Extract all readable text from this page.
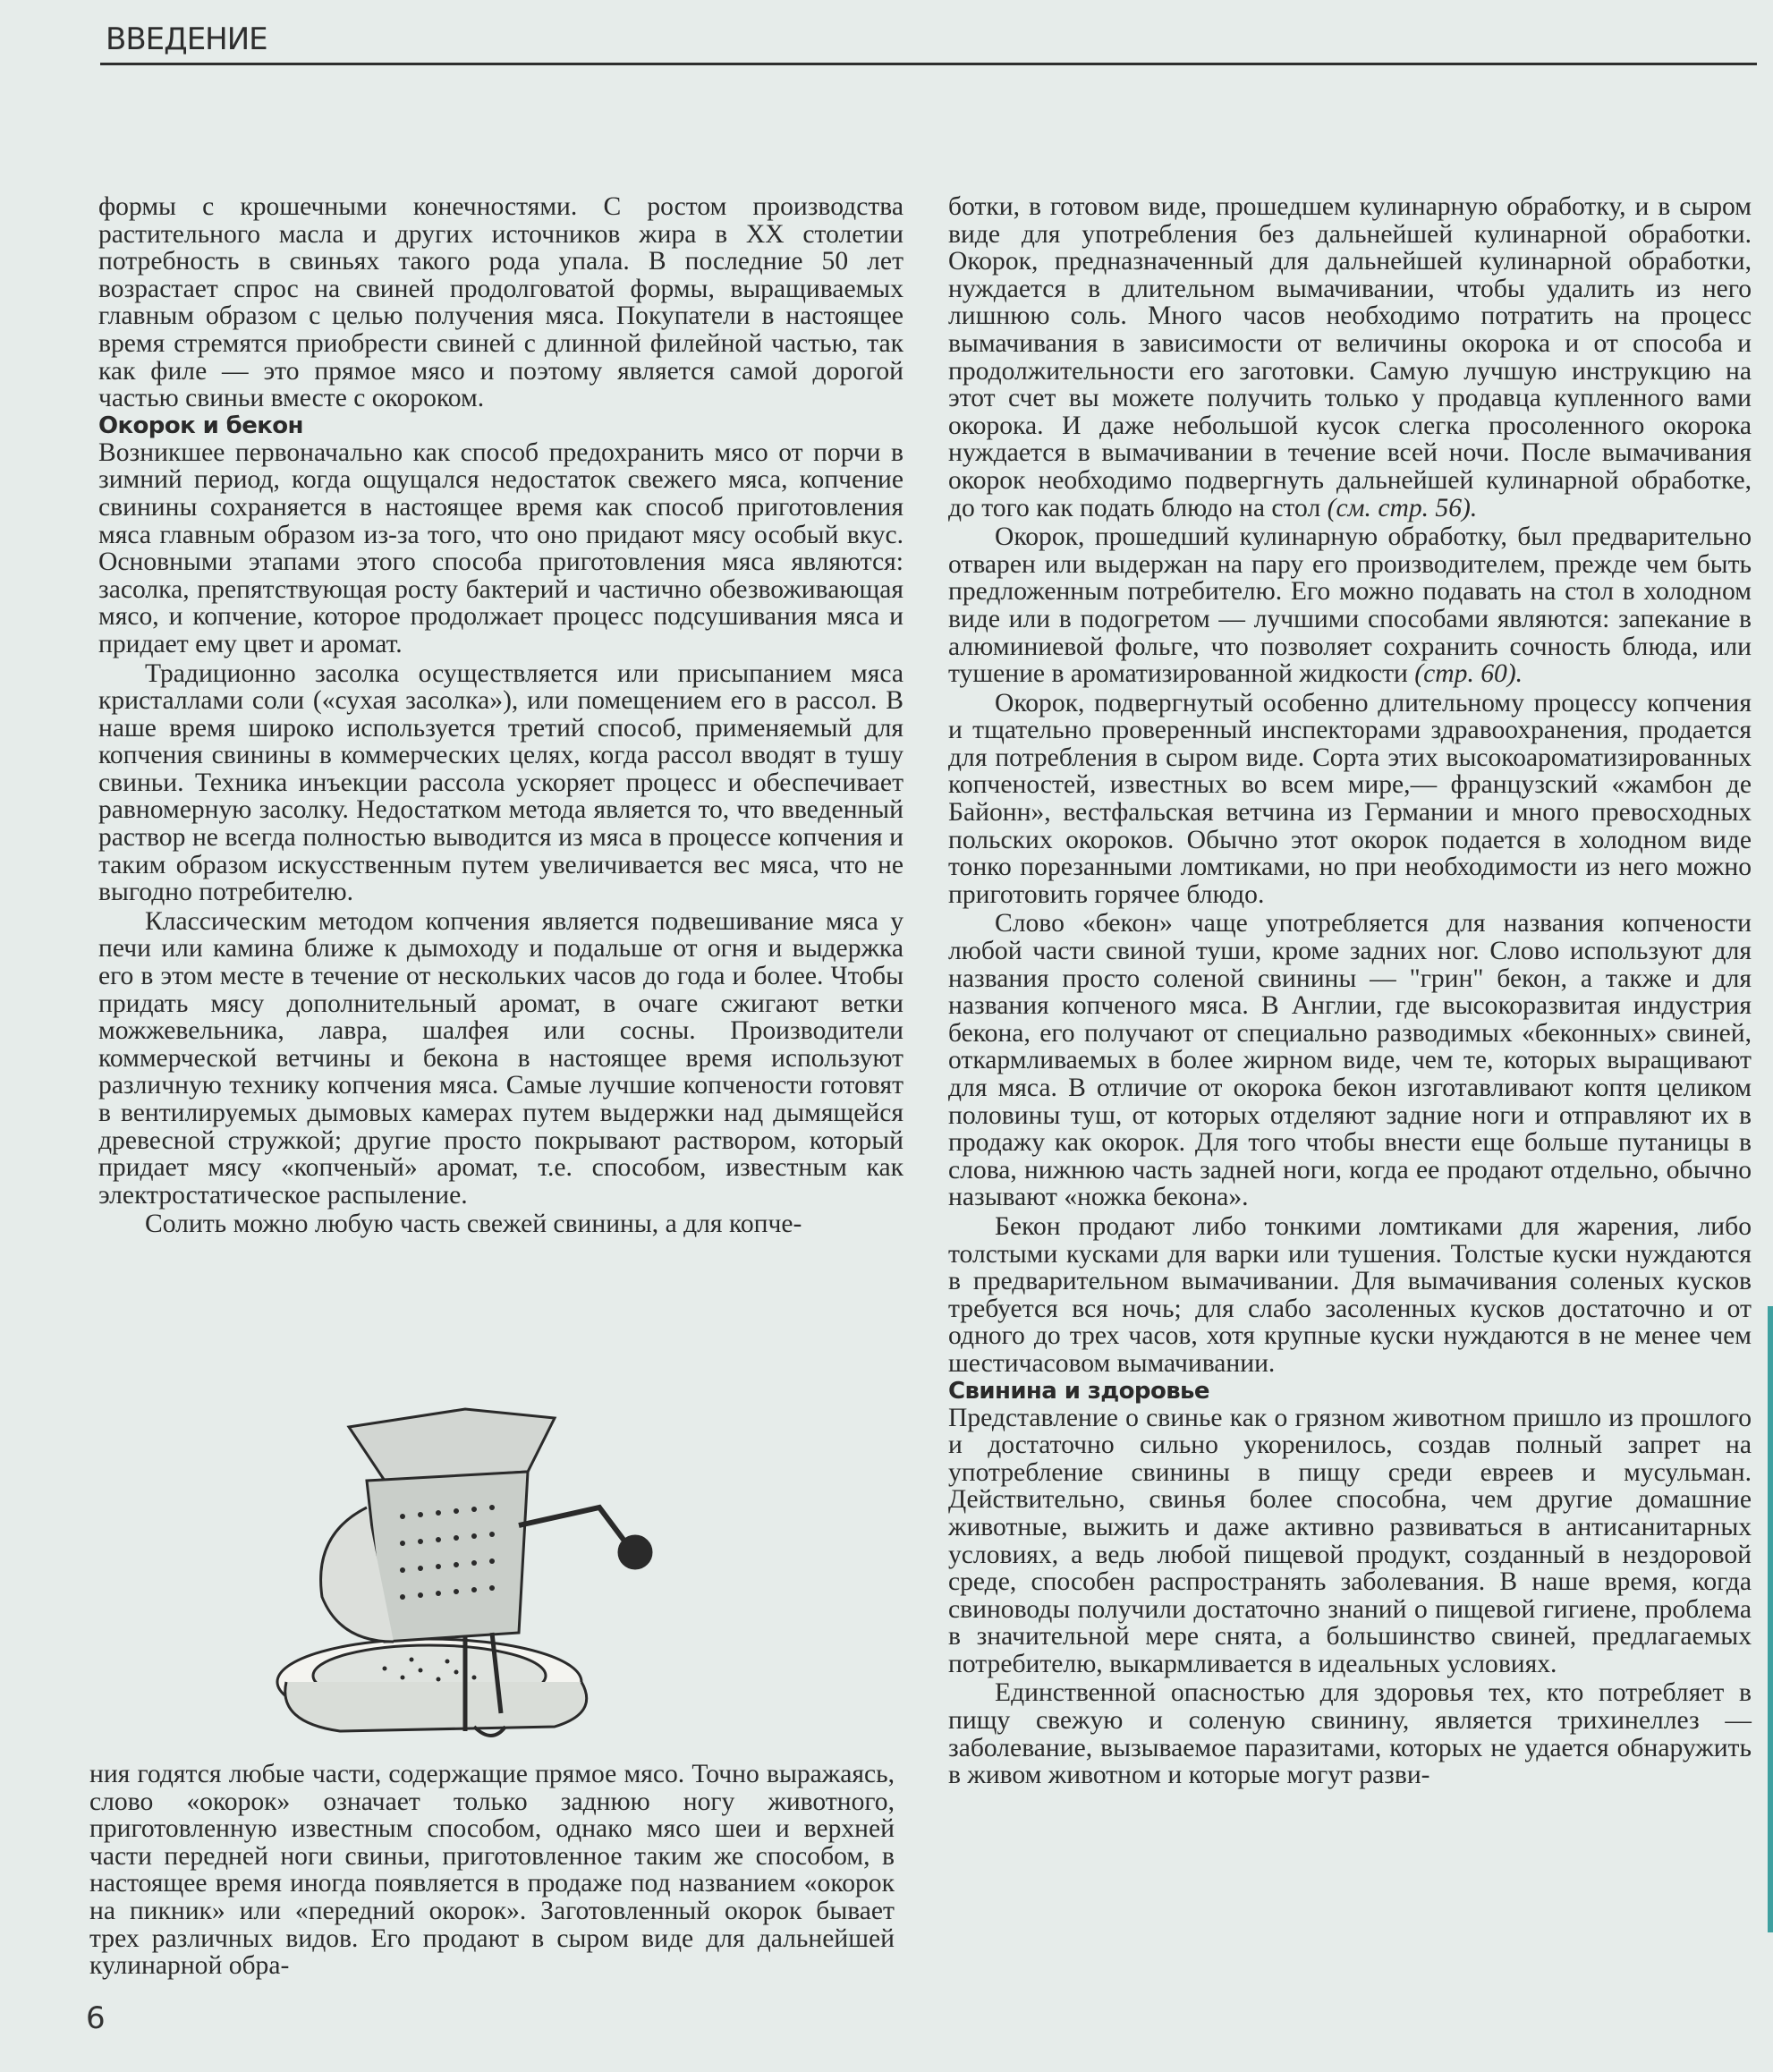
ВВЕДЕНИЕ

формы с крошечными конечностями. С ростом производства растительного масла и других источников жира в XX столетии потребность в свиньях такого рода упала. В последние 50 лет возрастает спрос на свиней продолговатой формы, выращиваемых главным образом с целью получения мяса. Покупатели в настоящее время стремятся приобрести свиней с длинной филейной частью, так как филе — это прямое мясо и поэтому является самой дорогой частью свиньи вместе с окороком.

Окорок и бекон

Возникшее первоначально как способ предохранить мясо от порчи в зимний период, когда ощущался недостаток свежего мяса, копчение свинины сохраняется в настоящее время как способ приготовления мяса главным образом из-за того, что оно придают мясу особый вкус. Основными этапами этого способа приготовления мяса являются: засолка, препятствующая росту бактерий и частично обезвоживающая мясо, и копчение, которое продолжает процесс подсушивания мяса и придает ему цвет и аромат.

Традиционно засолка осуществляется или присыпанием мяса кристаллами соли («сухая засолка»), или помещением его в рассол. В наше время широко используется третий способ, применяемый для копчения свинины в коммерческих целях, когда рассол вводят в тушу свиньи. Техника инъекции рассола ускоряет процесс и обеспечивает равномерную засолку. Недостатком метода является то, что введенный раствор не всегда полностью выводится из мяса в процессе копчения и таким образом искусственным путем увеличивается вес мяса, что не выгодно потребителю.

Классическим методом копчения является подвешивание мяса у печи или камина ближе к дымоходу и подальше от огня и выдержка его в этом месте в течение от нескольких часов до года и более. Чтобы придать мясу дополнительный аромат, в очаге сжигают ветки можжевельника, лавра, шалфея или сосны. Производители коммерческой ветчины и бекона в настоящее время используют различную технику копчения мяса. Самые лучшие копчености готовят в вентилируемых дымовых камерах путем выдержки над дымящейся древесной стружкой; другие просто покрывают раствором, который придает мясу «копченый» аромат, т.е. способом, известным как электростатическое распыление.

Солить можно любую часть свежей свинины, а для копче-

ния годятся любые части, содержащие прямое мясо. Точно выражаясь, слово «окорок» означает только заднюю ногу животного, приготовленную известным способом, однако мясо шеи и верхней части передней ноги свиньи, приготовленное таким же способом, в настоящее время иногда появляется в продаже под названием «окорок на пикник» или «передний окорок». Заготовленный окорок бывает трех различных видов. Его продают в сыром виде для дальнейшей кулинарной обра-

ботки, в готовом виде, прошедшем кулинарную обработку, и в сыром виде для употребления без дальнейшей кулинарной обработки. Окорок, предназначенный для дальнейшей кулинарной обработки, нуждается в длительном вымачивании, чтобы удалить из него лишнюю соль. Много часов необходимо потратить на процесс вымачивания в зависимости от величины окорока и от способа и продолжительности его заготовки. Самую лучшую инструкцию на этот счет вы можете получить только у продавца купленного вами окорока. И даже небольшой кусок слегка просоленного окорока нуждается в вымачивании в течение всей ночи. После вымачивания окорок необходимо подвергнуть дальнейшей кулинарной обработке, до того как подать блюдо на стол (см. стр. 56).

Окорок, прошедший кулинарную обработку, был предварительно отварен или выдержан на пару его производителем, прежде чем быть предложенным потребителю. Его можно подавать на стол в холодном виде или в подогретом — лучшими способами являются: запекание в алюминиевой фольге, что позволяет сохранить сочность блюда, или тушение в ароматизированной жидкости (стр. 60).

Окорок, подвергнутый особенно длительному процессу копчения и тщательно проверенный инспекторами здравоохранения, продается для потребления в сыром виде. Сорта этих высокоароматизированных копченостей, известных во всем мире,— французский «жамбон де Байонн», вестфальская ветчина из Германии и много превосходных польских окороков. Обычно этот окорок подается в холодном виде тонко порезанными ломтиками, но при необходимости из него можно приготовить горячее блюдо.

Слово «бекон» чаще употребляется для названия копчености любой части свиной туши, кроме задних ног. Слово используют для названия просто соленой свинины — "грин" бекон, а также и для названия копченого мяса. В Англии, где высокоразвитая индустрия бекона, его получают от специально разводимых «беконных» свиней, откармливаемых в более жирном виде, чем те, которых выращивают для мяса. В отличие от окорока бекон изготавливают коптя целиком половины туш, от которых отделяют задние ноги и отправляют их в продажу как окорок. Для того чтобы внести еще больше путаницы в слова, нижнюю часть задней ноги, когда ее продают отдельно, обычно называют «ножка бекона».

Бекон продают либо тонкими ломтиками для жарения, либо толстыми кусками для варки или тушения. Толстые куски нуждаются в предварительном вымачивании. Для вымачивания соленых кусков требуется вся ночь; для слабо засоленных кусков достаточно и от одного до трех часов, хотя крупные куски нуждаются в не менее чем шестичасовом вымачивании.

Свинина и здоровье

Представление о свинье как о грязном животном пришло из прошлого и достаточно сильно укоренилось, создав полный запрет на употребление свинины в пищу среди евреев и мусульман. Действительно, свинья более способна, чем другие домашние животные, выжить и даже активно развиваться в антисанитарных условиях, а ведь любой пищевой продукт, созданный в нездоровой среде, способен распространять заболевания. В наше время, когда свиноводы получили достаточно знаний о пищевой гигиене, проблема в значительной мере снята, а большинство свиней, предлагаемых потребителю, выкармливается в идеальных условиях.

Единственной опасностью для здоровья тех, кто потребляет в пищу свежую и соленую свинину, является трихинеллез — заболевание, вызываемое паразитами, которых не удается обнаружить в живом животном и которые могут разви-

6
